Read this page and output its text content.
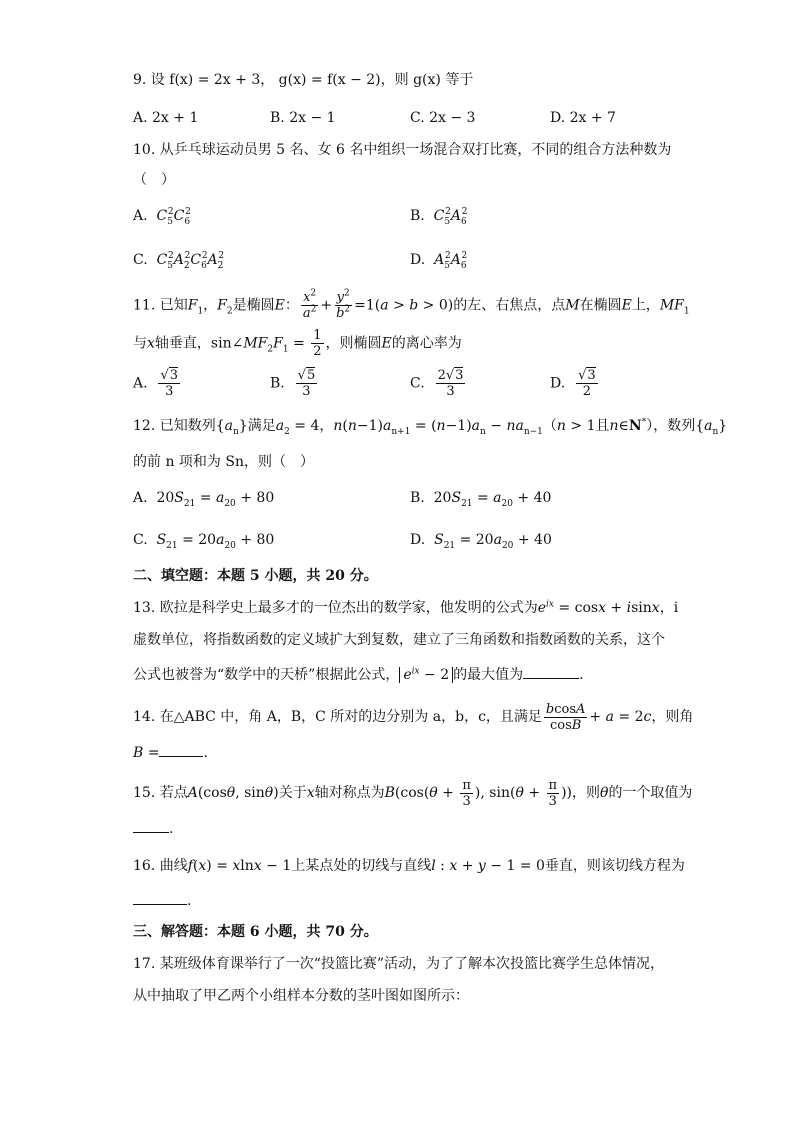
9. 设 f(x) = 2x + 3， g(x) = f(x − 2)，则 g(x) 等于
A. 2x + 1	B. 2x − 1	C. 2x − 3	D. 2x + 7
10. 从乒乓球运动员男 5 名、女 6 名中组织一场混合双打比赛，不同的组合方法种数为
（　）
A. $C_5^2C_6^2$	B. $C_5^2A_6^2$
C. $C_5^2A_2^2C_6^2A_2^2$	D. $A_5^2A_6^2$
11. 已知$F_1$，$F_2$是椭圆E： $\frac{x^2}{a^2} + \frac{y^2}{b^2} =1(a > b > 0)$的左、右焦点，点M在椭圆E上，$MF_1$
与x轴垂直，$\sin\angle MF_2F_1 = \frac{1}{2}$ ，则椭圆E的离心率为
A. $\frac{√3}{3}$	B. $\frac{√5}{3}$	C. $\frac{2√3}{3}$	D. $\frac{√3}{2}$
12. 已知数列$\{a_n\}$满足$a_2 = 4$，$n(n-1)a_{n+1} = (n-1)a_n - na_{n-1}(n > 1$且n∈N*），数列$\{a_n\}$
的前 n 项和为 Sn，则（　）
A.  $20S_{21} = a_{20} + 80$	B.  $20S_{21} = a_{20} + 40$
C. $S_{21} = 20a_{20} + 80$	D. $S_{21} = 20a_{20} + 40$
二、填空题：本题 5 小题，共 20 分。
13. 欧拉是科学史上最多才的一位杰出的数学家，他发明的公式为$e^{ix} = \cos x + isinx$，i
虚数单位，将指数函数的定义域扩大到复数，建立了三角函数和指数函数的关系，这个
公式也被誉为“数学中的天桥”根据此公式， $e^{ix} - 2$ 的最大值为	.
14. 在△ABC 中，角 A，B，C 所对的边分别为 a，b，c，且满足 $\frac{bcosA}{\cos B} + a = 2c$，则角
B =	.
15. 若点A(cosθ, sinθ)关于x轴对称点为$B(\cos(\theta + \frac{\pi}{3}$ ), $\sin(\theta + \frac{\pi}{3}$ ))，则θ的一个取值为
.
16. 曲线f(x) = xlnx − 1上某点处的切线与直线l : x + y − 1 = 0垂直，则该切线方程为
.
三、解答题：本题 6 小题，共 70 分。
17. 某班级体育课举行了一次“投篮比赛”活动，为了了解本次投篮比赛学生总体情况，
从中抽取了甲乙两个小组样本分数的茎叶图如图所示：
